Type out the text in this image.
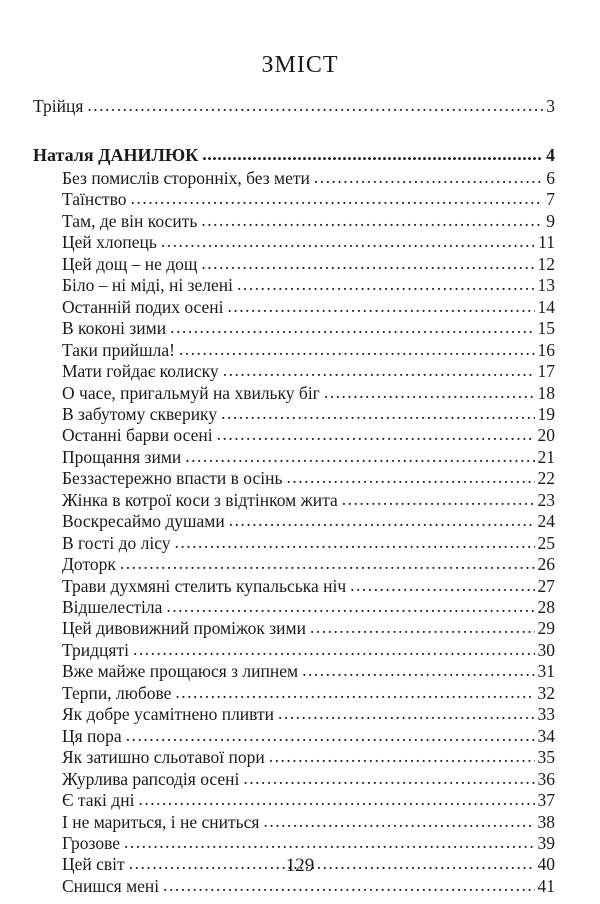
ЗМІСТ
Трійця .....	3
Наталя ДАНИЛЮК .....	4
Без помислів сторонніх, без мети .....	6
Таїнство .....	7
Там, де він косить .....	9
Цей хлопець .....	11
Цей дощ – не дощ .....	12
Біло – ні міді, ні зелені .....	13
Останній подих осені .....	14
В коконі зими .....	15
Таки прийшла! .....	16
Мати гойдає колиску .....	17
О часе, пригальмуй на хвильку біг .....	18
В забутому скверику .....	19
Останні барви осені .....	20
Прощання зими .....	21
Беззастережно впасти в осінь .....	22
Жінка в котрої коси з відтінком жита .....	23
Воскресаймо душами .....	24
В гості до лісу .....	25
Доторк .....	26
Трави духмяні стелить купальська ніч .....	27
Відшелестіла .....	28
Цей дивовижний проміжок зими .....	29
Тридцяті .....	30
Вже майже прощаюся з липнем .....	31
Терпи, любове .....	32
Як добре усамітнено пливти .....	33
Ця пора .....	34
Як затишно сльотавої пори .....	35
Журлива рапсодія осені .....	36
Є такі дні .....	37
І не мариться, і не сниться .....	38
Грозове .....	39
Цей світ .....	40
Снишся мені .....	41
129
